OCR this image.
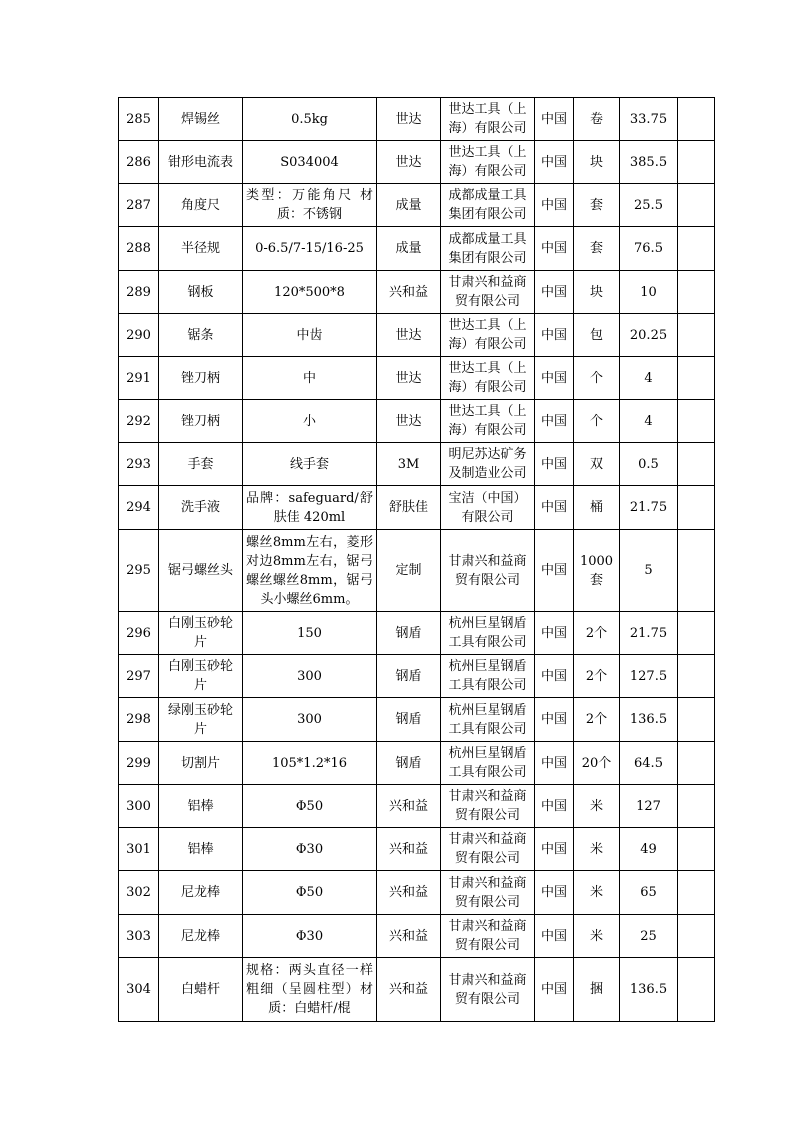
285	焊锡丝	0.5kg	世达	世达工具（上海）有限公司	中国	卷	33.75	
286	钳形电流表	S034004	世达	世达工具（上海）有限公司	中国	块	385.5	
287	角度尺	类型：万能角尺 材质：不锈钢	成量	成都成量工具集团有限公司	中国	套	25.5	
288	半径规	0-6.5/7-15/16-25	成量	成都成量工具集团有限公司	中国	套	76.5	
289	钢板	120*500*8	兴和益	甘肃兴和益商贸有限公司	中国	块	10	
290	锯条	中齿	世达	世达工具（上海）有限公司	中国	包	20.25	
291	锉刀柄	中	世达	世达工具（上海）有限公司	中国	个	4	
292	锉刀柄	小	世达	世达工具（上海）有限公司	中国	个	4	
293	手套	线手套	3M	明尼苏达矿务及制造业公司	中国	双	0.5	
294	洗手液	品牌：safeguard/舒肤佳 420ml	舒肤佳	宝洁（中国）有限公司	中国	桶	21.75	
295	锯弓螺丝头	螺丝8mm左右，菱形对边8mm左右，锯弓螺丝螺丝8mm，锯弓头小螺丝6mm。	定制	甘肃兴和益商贸有限公司	中国	1000套	5	
296	白刚玉砂轮片	150	钢盾	杭州巨星钢盾工具有限公司	中国	2个	21.75	
297	白刚玉砂轮片	300	钢盾	杭州巨星钢盾工具有限公司	中国	2个	127.5	
298	绿刚玉砂轮片	300	钢盾	杭州巨星钢盾工具有限公司	中国	2个	136.5	
299	切割片	105*1.2*16	钢盾	杭州巨星钢盾工具有限公司	中国	20个	64.5	
300	铝棒	Φ50	兴和益	甘肃兴和益商贸有限公司	中国	米	127	
301	铝棒	Φ30	兴和益	甘肃兴和益商贸有限公司	中国	米	49	
302	尼龙棒	Φ50	兴和益	甘肃兴和益商贸有限公司	中国	米	65	
303	尼龙棒	Φ30	兴和益	甘肃兴和益商贸有限公司	中国	米	25	
304	白蜡杆	规格：两头直径一样粗细（呈圆柱型）材质：白蜡杆/棍	兴和益	甘肃兴和益商贸有限公司	中国	捆	136.5	
